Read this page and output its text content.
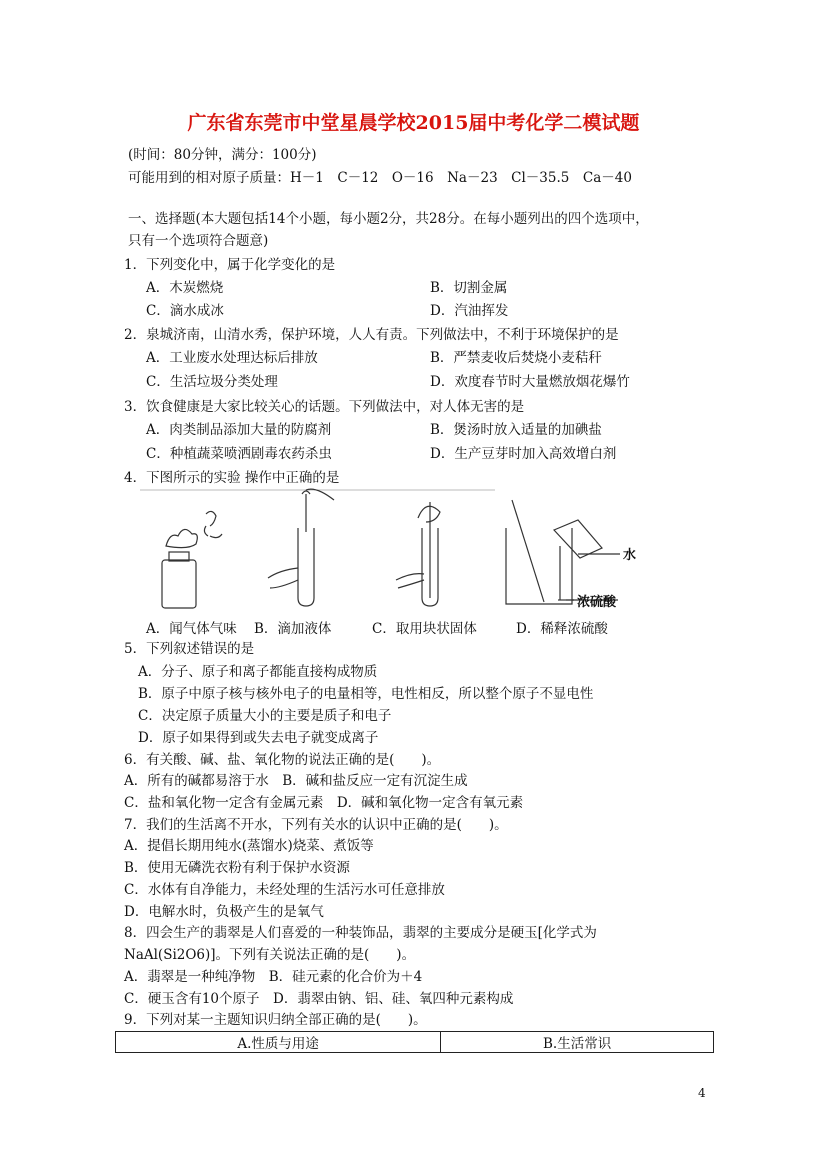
广东省东莞市中堂星晨学校2015届中考化学二模试题
(时间：80分钟，满分：100分)
可能用到的相对原子质量：H－1　C－12　O－16　Na－23　Cl－35.5　Ca－40
一、选择题(本大题包括14个小题，每小题2分，共28分。在每小题列出的四个选项中，
只有一个选项符合题意)
1．下列变化中，属于化学变化的是
A．木炭燃烧	B．切割金属
C．滴水成冰	D．汽油挥发
2．泉城济南，山清水秀，保护环境，人人有责。下列做法中，不利于环境保护的是
A．工业废水处理达标后排放	B．严禁麦收后焚烧小麦秸秆
C．生活垃圾分类处理	D．欢度春节时大量燃放烟花爆竹
3．饮食健康是大家比较关心的话题。下列做法中，对人体无害的是
A．肉类制品添加大量的防腐剂	B．煲汤时放入适量的加碘盐
C．种植蔬菜喷洒剧毒农药杀虫	D．生产豆芽时加入高效增白剂
4．下图所示的实验 操作中正确的是
水
浓硫酸
A．闻气体气味 B．滴加液体	C．取用块状固体	D．稀释浓硫酸
5．下列叙述错误的是
A．分子、原子和离子都能直接构成物质
B．原子中原子核与核外电子的电量相等，电性相反，所以整个原子不显电性
C．决定原子质量大小的主要是质子和电子
D．原子如果得到或失去电子就变成离子
6．有关酸、碱、盐、氧化物的说法正确的是(　　)。
A．所有的碱都易溶于水　B．碱和盐反应一定有沉淀生成
C．盐和氧化物一定含有金属元素　D．碱和氧化物一定含有氧元素
7．我们的生活离不开水，下列有关水的认识中正确的是(　　)。
A．提倡长期用纯水(蒸馏水)烧菜、煮饭等
B．使用无磷洗衣粉有利于保护水资源
C．水体有自净能力，未经处理的生活污水可任意排放
D．电解水时，负极产生的是氧气
8．四会生产的翡翠是人们喜爱的一种装饰品，翡翠的主要成分是硬玉[化学式为
NaAl(Si2O6)]。下列有关说法正确的是(　　)。
A．翡翠是一种纯净物　B．硅元素的化合价为＋4
C．硬玉含有10个原子　D．翡翠由钠、铝、硅、氧四种元素构成
9．下列对某一主题知识归纳全部正确的是(　　)。
A.性质与用途	B.生活常识
4
